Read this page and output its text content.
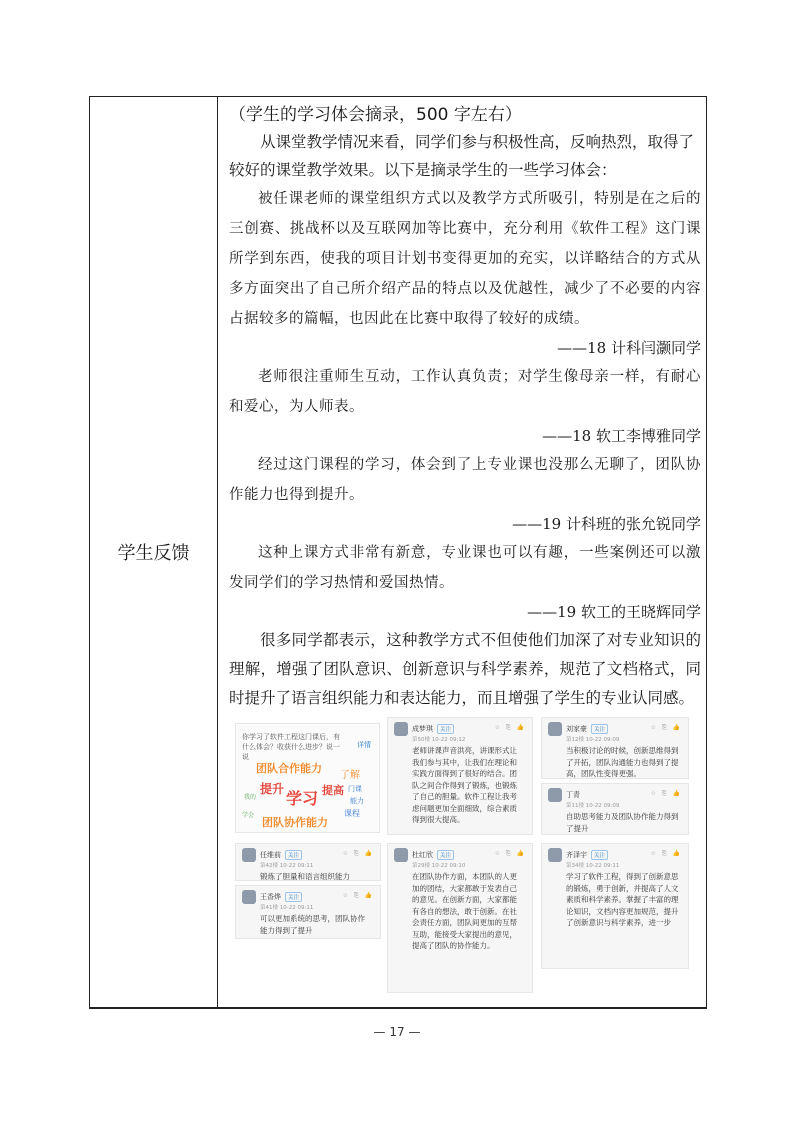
学生反馈
（学生的学习体会摘录，500 字左右）

从课堂教学情况来看，同学们参与积极性高，反响热烈，取得了较好的课堂教学效果。以下是摘录学生的一些学习体会：

被任课老师的课堂组织方式以及教学方式所吸引，特别是在之后的三创赛、挑战杯以及互联网加等比赛中，充分利用《软件工程》这门课所学到东西，使我的项目计划书变得更加的充实，以详略结合的方式从多方面突出了自己所介绍产品的特点以及优越性，减少了不必要的内容占据较多的篇幅，也因此在比赛中取得了较好的成绩。

——18 计科闫灏同学

老师很注重师生互动，工作认真负责；对学生像母亲一样，有耐心和爱心，为人师表。

——18 软工李博雅同学

经过这门课程的学习，体会到了上专业课也没那么无聊了，团队协作能力也得到提升。

——19 计科班的张允锐同学

这种上课方式非常有新意，专业课也可以有趣，一些案例还可以激发同学们的学习热情和爱国热情。

——19 软工的王晓辉同学

很多同学都表示，这种教学方式不但使他们加深了对专业知识的理解，增强了团队意识、创新意识与科学素养，规范了文档格式，同时提升了语言组织能力和表达能力，而且增强了学生的专业认同感。

你学习了软件工程这门课后，有什么体会？收获什么进步？说一说
详情
团队合作能力
了解
提升 学习 提高 门课
能力
我的
课程
学会
团队协作能力
☆ ⎘ 👍
成梦琪	关注
第50楼 10-22 09:12
老师讲课声音洪亮，讲课形式让我们参与其中，让我们在理论和实践方面得到了很好的结合。团队之间合作得到了锻炼，也锻炼了自己的胆量。软件工程让我考虑问题更加全面细致，综合素质得到很大提高。
☆ ⎘ 👍
刘家豪	关注
第12楼 10-22 09:09
当积极讨论的时候，创新思维得到了开拓，团队沟通能力也得到了提高，团队性变得更强。
☆ ⎘ 👍
丁青
第11楼 10-22 09:09
自助思考能力及团队协作能力得到了提升
☆ ⎘ 👍
任维前	关注
第42楼 10-22 09:11
锻炼了胆量和语言组织能力
☆ ⎘ 👍
王香烨	关注
第41楼 10-22 09:11
可以更加系统的思考，团队协作能力得到了提升
☆ ⎘ 👍
杜红欣	关注
第29楼 10-22 09:10
在团队协作方面，本团队的人更加的团结，大家都敢于发表自己的意见。在创新方面，大家都能有各自的想法，敢于创新。在社会责任方面，团队间更加的互帮互助，能接受大家提出的意见，提高了团队的协作能力。
☆ ⎘ 👍
齐泽宇	关注
第34楼 10-22 09:11
学习了软件工程，得到了创新意思的锻炼，勇于创新，并提高了人文素质和科学素养。掌握了丰富的理论知识，文档内容更加规范，提升了创新意识与科学素养，进一步
— 17 —
